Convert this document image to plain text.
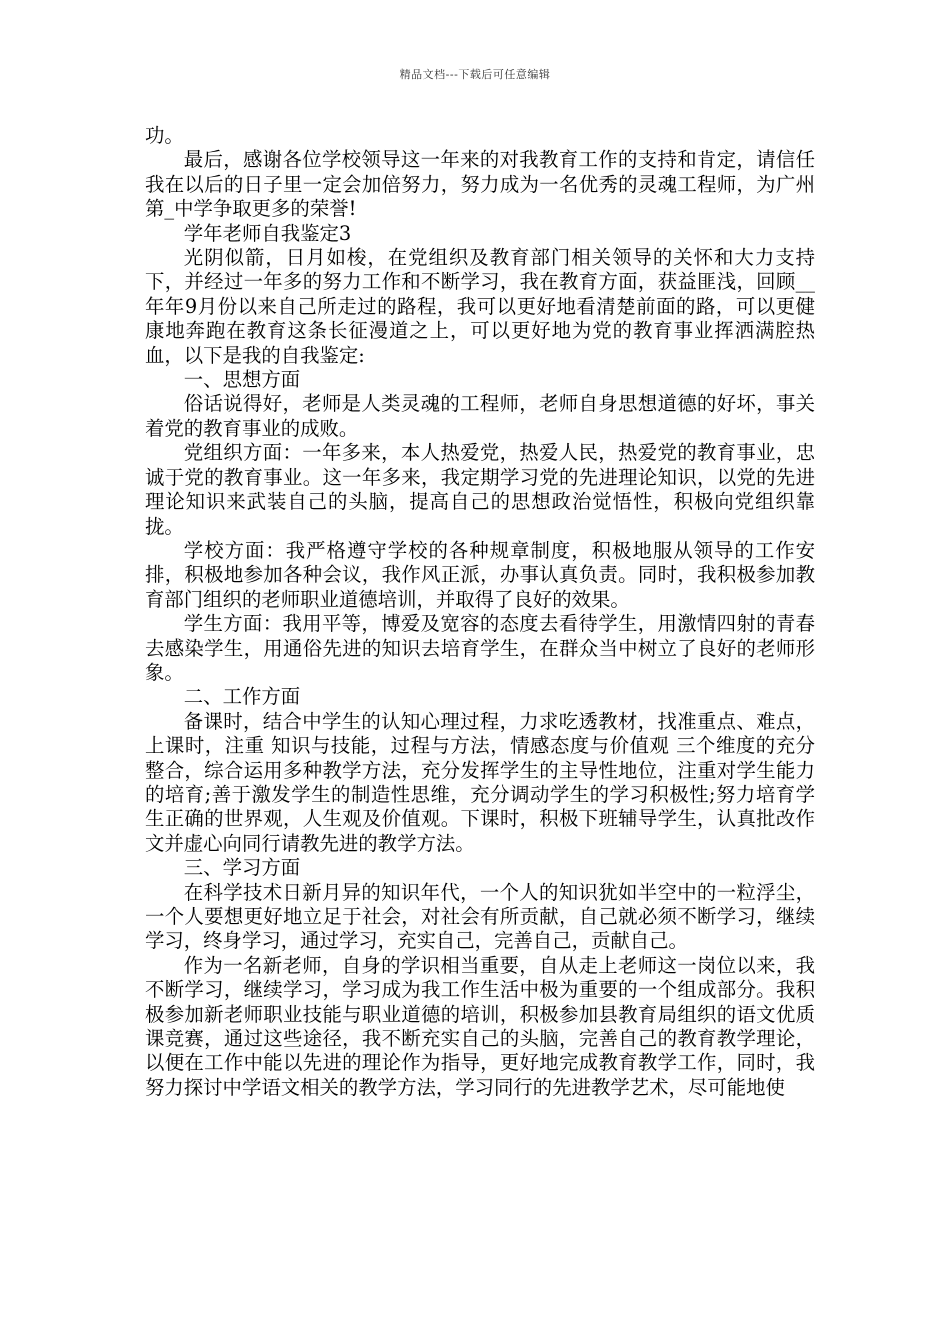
精品文档---下载后可任意编辑

功。

最后，感谢各位学校领导这一年来的对我教育工作的支持和肯定，请信任我在以后的日子里一定会加倍努力，努力成为一名优秀的灵魂工程师，为广州第_中学争取更多的荣誉!

学年老师自我鉴定3

光阴似箭，日月如梭，在党组织及教育部门相关领导的关怀和大力支持下，并经过一年多的努力工作和不断学习，我在教育方面，获益匪浅，回顾__年年9月份以来自己所走过的路程，我可以更好地看清楚前面的路，可以更健康地奔跑在教育这条长征漫道之上，可以更好地为党的教育事业挥洒满腔热血，以下是我的自我鉴定:

一、思想方面

俗话说得好，老师是人类灵魂的工程师，老师自身思想道德的好坏，事关着党的教育事业的成败。

党组织方面：一年多来，本人热爱党，热爱人民，热爱党的教育事业，忠诚于党的教育事业。这一年多来，我定期学习党的先进理论知识，以党的先进理论知识来武装自己的头脑，提高自己的思想政治觉悟性，积极向党组织靠拢。

学校方面：我严格遵守学校的各种规章制度，积极地服从领导的工作安排，积极地参加各种会议，我作风正派，办事认真负责。同时，我积极参加教育部门组织的老师职业道德培训，并取得了良好的效果。

学生方面：我用平等，博爱及宽容的态度去看待学生，用激情四射的青春去感染学生，用通俗先进的知识去培育学生，在群众当中树立了良好的老师形象。

二、工作方面

备课时，结合中学生的认知心理过程，力求吃透教材，找准重点、难点，上课时，注重 知识与技能，过程与方法，情感态度与价值观 三个维度的充分整合，综合运用多种教学方法，充分发挥学生的主导性地位，注重对学生能力的培育;善于激发学生的制造性思维，充分调动学生的学习积极性;努力培育学生正确的世界观，人生观及价值观。下课时，积极下班辅导学生，认真批改作文并虚心向同行请教先进的教学方法。

三、学习方面

在科学技术日新月异的知识年代，一个人的知识犹如半空中的一粒浮尘，一个人要想更好地立足于社会，对社会有所贡献，自己就必须不断学习，继续学习，终身学习，通过学习，充实自己，完善自己，贡献自己。

作为一名新老师，自身的学识相当重要，自从走上老师这一岗位以来，我不断学习，继续学习，学习成为我工作生活中极为重要的一个组成部分。我积极参加新老师职业技能与职业道德的培训，积极参加县教育局组织的语文优质课竞赛，通过这些途径，我不断充实自己的头脑，完善自己的教育教学理论，以便在工作中能以先进的理论作为指导，更好地完成教育教学工作，同时，我努力探讨中学语文相关的教学方法，学习同行的先进教学艺术，尽可能地使
